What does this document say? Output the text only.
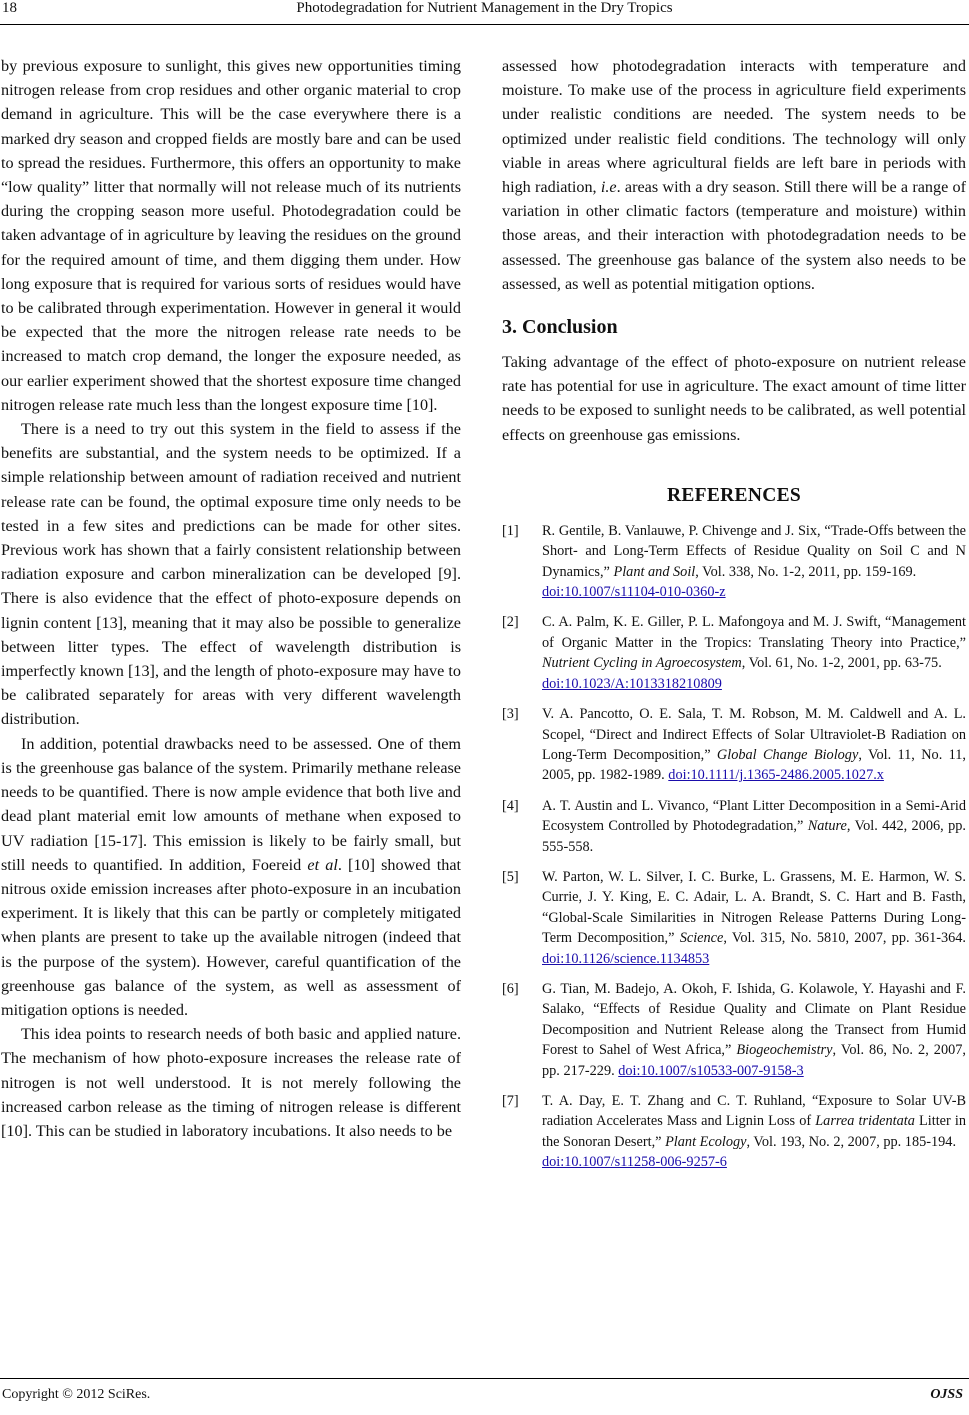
18	Photodegradation for Nutrient Management in the Dry Tropics

by previous exposure to sunlight, this gives new opportunities timing nitrogen release from crop residues and other organic material to crop demand in agriculture. This will be the case everywhere there is a marked dry season and cropped fields are mostly bare and can be used to spread the residues. Furthermore, this offers an opportunity to make “low quality” litter that normally will not release much of its nutrients during the cropping season more useful. Photodegradation could be taken advantage of in agriculture by leaving the residues on the ground for the required amount of time, and them digging them under. How long exposure that is required for various sorts of residues would have to be calibrated through experimentation. However in general it would be expected that the more the nitrogen release rate needs to be increased to match crop demand, the longer the exposure needed, as our earlier experiment showed that the shortest exposure time changed nitrogen release rate much less than the longest exposure time [10].

There is a need to try out this system in the field to assess if the benefits are substantial, and the system needs to be optimized. If a simple relationship between amount of radiation received and nutrient release rate can be found, the optimal exposure time only needs to be tested in a few sites and predictions can be made for other sites. Previous work has shown that a fairly consistent relationship between radiation exposure and carbon mineralization can be developed [9]. There is also evidence that the effect of photo-exposure depends on lignin content [13], meaning that it may also be possible to generalize between litter types. The effect of wavelength distribution is imperfectly known [13], and the length of photo-exposure may have to be calibrated separately for areas with very different wavelength distribution.

In addition, potential drawbacks need to be assessed. One of them is the greenhouse gas balance of the system. Primarily methane release needs to be quantified. There is now ample evidence that both live and dead plant material emit low amounts of methane when exposed to UV radiation [15-17]. This emission is likely to be fairly small, but still needs to quantified. In addition, Foereid et al. [10] showed that nitrous oxide emission increases after photo-exposure in an incubation experiment. It is likely that this can be partly or completely mitigated when plants are present to take up the available nitrogen (indeed that is the purpose of the system). However, careful quantification of the greenhouse gas balance of the system, as well as assessment of mitigation options is needed.

This idea points to research needs of both basic and applied nature. The mechanism of how photo-exposure increases the release rate of nitrogen is not well understood. It is not merely following the increased carbon release as the timing of nitrogen release is different [10]. This can be studied in laboratory incubations. It also needs to be

assessed how photodegradation interacts with temperature and moisture. To make use of the process in agriculture field experiments under realistic conditions are needed. The system needs to be optimized under realistic field conditions. The technology will only viable in areas where agricultural fields are left bare in periods with high radiation, i.e. areas with a dry season. Still there will be a range of variation in other climatic factors (temperature and moisture) within those areas, and their interaction with photodegradation needs to be assessed. The greenhouse gas balance of the system also needs to be assessed, as well as potential mitigation options.

3. Conclusion

Taking advantage of the effect of photo-exposure on nutrient release rate has potential for use in agriculture. The exact amount of time litter needs to be exposed to sunlight needs to be calibrated, as well potential effects on greenhouse gas emissions.

REFERENCES
[1] R. Gentile, B. Vanlauwe, P. Chivenge and J. Six, “Trade-Offs between the Short- and Long-Term Effects of Residue Quality on Soil C and N Dynamics,” Plant and Soil, Vol. 338, No. 1-2, 2011, pp. 159-169.
doi:10.1007/s11104-010-0360-z
[2] C. A. Palm, K. E. Giller, P. L. Mafongoya and M. J. Swift, “Management of Organic Matter in the Tropics: Translating Theory into Practice,” Nutrient Cycling in Agroecosystem, Vol. 61, No. 1-2, 2001, pp. 63-75.
doi:10.1023/A:1013318210809
[3] V. A. Pancotto, O. E. Sala, T. M. Robson, M. M. Caldwell and A. L. Scopel, “Direct and Indirect Effects of Solar Ultraviolet-B Radiation on Long-Term Decomposition,” Global Change Biology, Vol. 11, No. 11, 2005, pp. 1982-1989. doi:10.1111/j.1365-2486.2005.1027.x
[4] A. T. Austin and L. Vivanco, “Plant Litter Decomposition in a Semi-Arid Ecosystem Controlled by Photodegradation,” Nature, Vol. 442, 2006, pp. 555-558.
[5] W. Parton, W. L. Silver, I. C. Burke, L. Grassens, M. E. Harmon, W. S. Currie, J. Y. King, E. C. Adair, L. A. Brandt, S. C. Hart and B. Fasth, “Global-Scale Similarities in Nitrogen Release Patterns During Long-Term Decomposition,” Science, Vol. 315, No. 5810, 2007, pp. 361-364. doi:10.1126/science.1134853
[6] G. Tian, M. Badejo, A. Okoh, F. Ishida, G. Kolawole, Y. Hayashi and F. Salako, “Effects of Residue Quality and Climate on Plant Residue Decomposition and Nutrient Release along the Transect from Humid Forest to Sahel of West Africa,” Biogeochemistry, Vol. 86, No. 2, 2007, pp. 217-229. doi:10.1007/s10533-007-9158-3
[7] T. A. Day, E. T. Zhang and C. T. Ruhland, “Exposure to Solar UV-B radiation Accelerates Mass and Lignin Loss of Larrea tridentata Litter in the Sonoran Desert,” Plant Ecology, Vol. 193, No. 2, 2007, pp. 185-194.
doi:10.1007/s11258-006-9257-6
Copyright © 2012 SciRes.	OJSS
